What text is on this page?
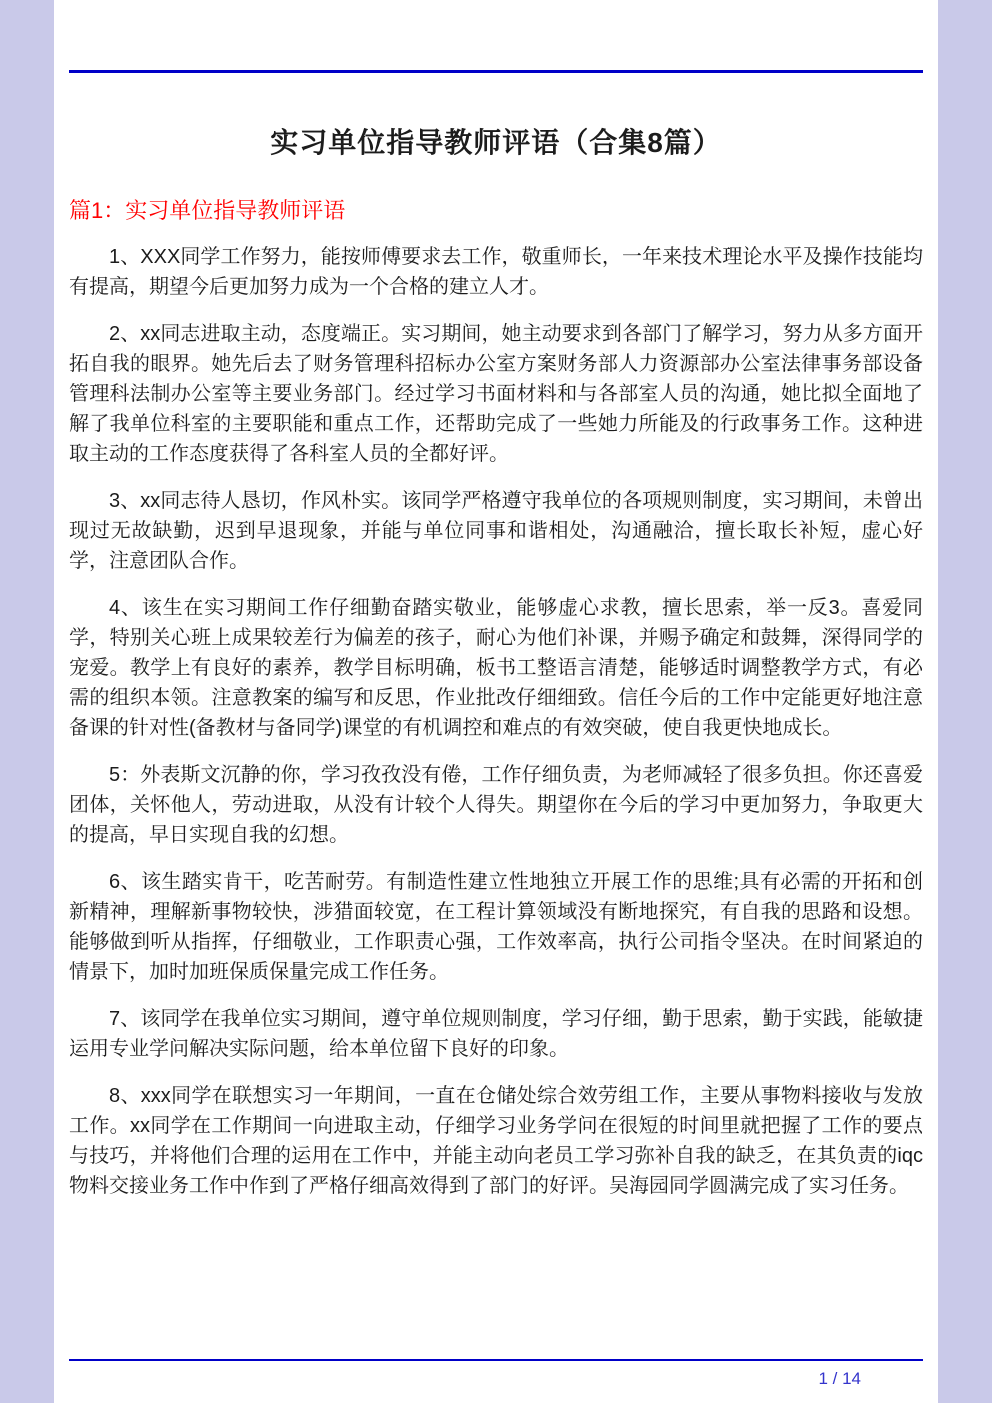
实习单位指导教师评语（合集8篇）
篇1：实习单位指导教师评语

1、XXX同学工作努力，能按师傅要求去工作，敬重师长，一年来技术理论水平及操作技能均有提高，期望今后更加努力成为一个合格的建立人才。

2、xx同志进取主动，态度端正。实习期间，她主动要求到各部门了解学习，努力从多方面开拓自我的眼界。她先后去了财务管理科招标办公室方案财务部人力资源部办公室法律事务部设备管理科法制办公室等主要业务部门。经过学习书面材料和与各部室人员的沟通，她比拟全面地了解了我单位科室的主要职能和重点工作，还帮助完成了一些她力所能及的行政事务工作。这种进取主动的工作态度获得了各科室人员的全都好评。

3、xx同志待人恳切，作风朴实。该同学严格遵守我单位的各项规则制度，实习期间，未曾出现过无故缺勤，迟到早退现象，并能与单位同事和谐相处，沟通融洽，擅长取长补短，虚心好学，注意团队合作。

4、该生在实习期间工作仔细勤奋踏实敬业，能够虚心求教，擅长思索，举一反3。喜爱同学，特别关心班上成果较差行为偏差的孩子，耐心为他们补课，并赐予确定和鼓舞，深得同学的宠爱。教学上有良好的素养，教学目标明确，板书工整语言清楚，能够适时调整教学方式，有必需的组织本领。注意教案的编写和反思，作业批改仔细细致。信任今后的工作中定能更好地注意备课的针对性(备教材与备同学)课堂的有机调控和难点的有效突破，使自我更快地成长。

5：外表斯文沉静的你，学习孜孜没有倦，工作仔细负责，为老师减轻了很多负担。你还喜爱团体，关怀他人，劳动进取，从没有计较个人得失。期望你在今后的学习中更加努力，争取更大的提高，早日实现自我的幻想。

6、该生踏实肯干，吃苦耐劳。有制造性建立性地独立开展工作的思维;具有必需的开拓和创新精神，理解新事物较快，涉猎面较宽，在工程计算领域没有断地探究，有自我的思路和设想。能够做到听从指挥，仔细敬业，工作职责心强，工作效率高，执行公司指令坚决。在时间紧迫的情景下，加时加班保质保量完成工作任务。

7、该同学在我单位实习期间，遵守单位规则制度，学习仔细，勤于思索，勤于实践，能敏捷运用专业学问解决实际问题，给本单位留下良好的印象。

8、xxx同学在联想实习一年期间，一直在仓储处综合效劳组工作，主要从事物料接收与发放工作。xx同学在工作期间一向进取主动，仔细学习业务学问在很短的时间里就把握了工作的要点与技巧，并将他们合理的运用在工作中，并能主动向老员工学习弥补自我的缺乏，在其负责的iqc物料交接业务工作中作到了严格仔细高效得到了部门的好评。吴海园同学圆满完成了实习任务。

1 / 14
